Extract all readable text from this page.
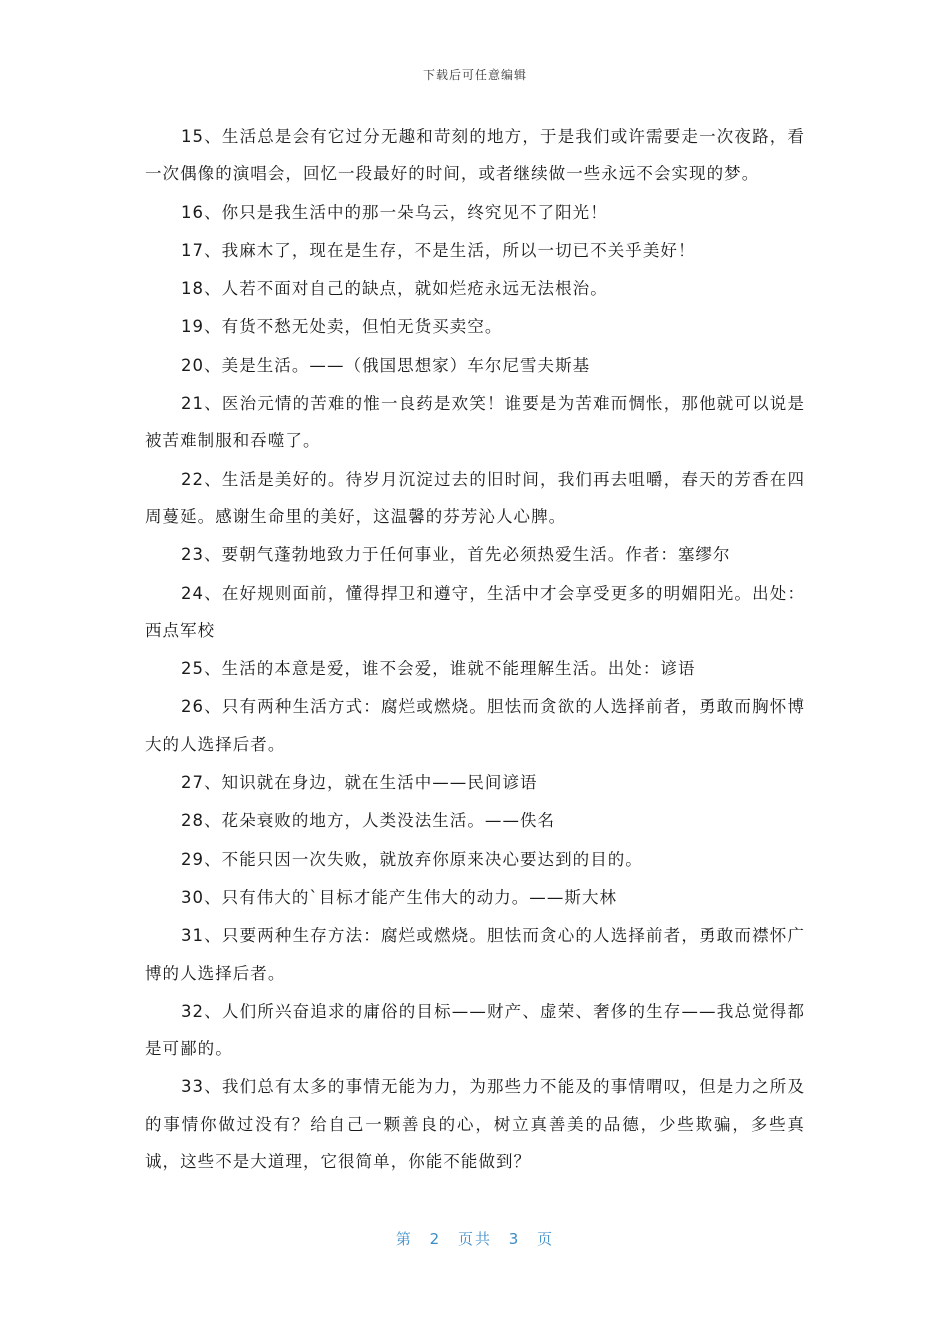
下载后可任意编辑

15、生活总是会有它过分无趣和苛刻的地方，于是我们或许需要走一次夜路，看一次偶像的演唱会，回忆一段最好的时间，或者继续做一些永远不会实现的梦。

16、你只是我生活中的那一朵乌云，终究见不了阳光！

17、我麻木了，现在是生存，不是生活，所以一切已不关乎美好！

18、人若不面对自己的缺点，就如烂疮永远无法根治。

19、有货不愁无处卖，但怕无货买卖空。

20、美是生活。——（俄国思想家）车尔尼雪夫斯基

21、医治元情的苦难的惟一良药是欢笑！谁要是为苦难而惆怅，那他就可以说是被苦难制服和吞噬了。

22、生活是美好的。待岁月沉淀过去的旧时间，我们再去咀嚼，春天的芳香在四周蔓延。感谢生命里的美好，这温馨的芬芳沁人心脾。

23、要朝气蓬勃地致力于任何事业，首先必须热爱生活。作者：塞缪尔

24、在好规则面前，懂得捍卫和遵守，生活中才会享受更多的明媚阳光。出处：西点军校

25、生活的本意是爱，谁不会爱，谁就不能理解生活。出处：谚语

26、只有两种生活方式：腐烂或燃烧。胆怯而贪欲的人选择前者，勇敢而胸怀博大的人选择后者。

27、知识就在身边，就在生活中——民间谚语

28、花朵衰败的地方，人类没法生活。——佚名

29、不能只因一次失败，就放弃你原来决心要达到的目的。

30、只有伟大的`目标才能产生伟大的动力。——斯大林

31、只要两种生存方法：腐烂或燃烧。胆怯而贪心的人选择前者，勇敢而襟怀广博的人选择后者。

32、人们所兴奋追求的庸俗的目标——财产、虚荣、奢侈的生存——我总觉得都是可鄙的。

33、我们总有太多的事情无能为力，为那些力不能及的事情喟叹，但是力之所及的事情你做过没有？给自己一颗善良的心，树立真善美的品德，少些欺骗，多些真诚，这些不是大道理，它很简单，你能不能做到？

第 2 页共 3 页
